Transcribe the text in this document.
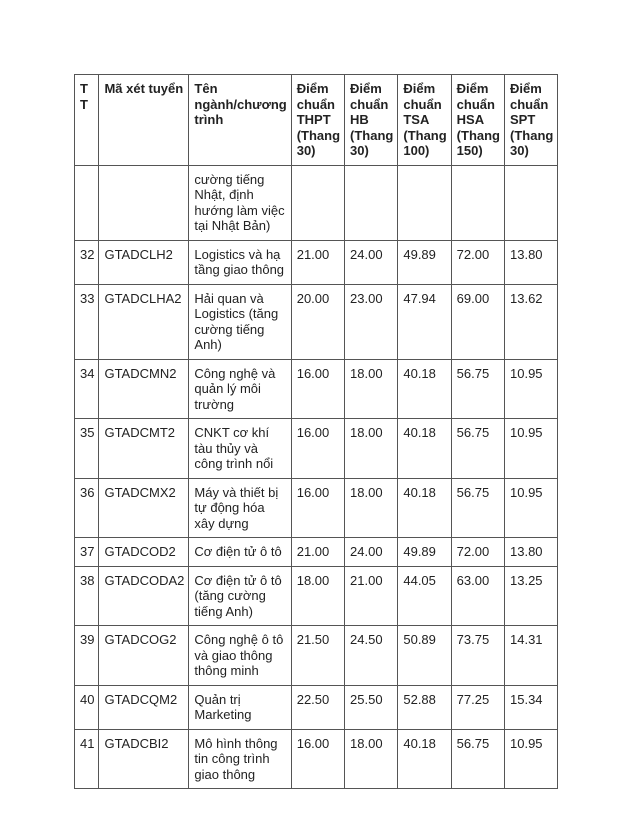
T T	Mã xét tuyển	Tên ngành/chương trình	Điểm chuẩn THPT (Thang 30)	Điểm chuẩn HB (Thang 30)	Điểm chuẩn TSA (Thang 100)	Điểm chuẩn HSA (Thang 150)	Điểm chuẩn SPT (Thang 30)
		cường tiếng Nhật, định hướng làm việc tại Nhật Bản)					
32	GTADCLH2	Logistics và hạ tầng giao thông	21.00	24.00	49.89	72.00	13.80
33	GTADCLHA2	Hải quan và Logistics (tăng cường tiếng Anh)	20.00	23.00	47.94	69.00	13.62
34	GTADCMN2	Công nghệ và quản lý môi trường	16.00	18.00	40.18	56.75	10.95
35	GTADCMT2	CNKT cơ khí tàu thủy và công trình nổi	16.00	18.00	40.18	56.75	10.95
36	GTADCMX2	Máy và thiết bị tự động hóa xây dựng	16.00	18.00	40.18	56.75	10.95
37	GTADCOD2	Cơ điện tử ô tô	21.00	24.00	49.89	72.00	13.80
38	GTADCODA2	Cơ điện tử ô tô (tăng cường tiếng Anh)	18.00	21.00	44.05	63.00	13.25
39	GTADCOG2	Công nghệ ô tô và giao thông thông minh	21.50	24.50	50.89	73.75	14.31
40	GTADCQM2	Quản trị Marketing	22.50	25.50	52.88	77.25	15.34
41	GTADCBI2	Mô hình thông tin công trình giao thông	16.00	18.00	40.18	56.75	10.95
